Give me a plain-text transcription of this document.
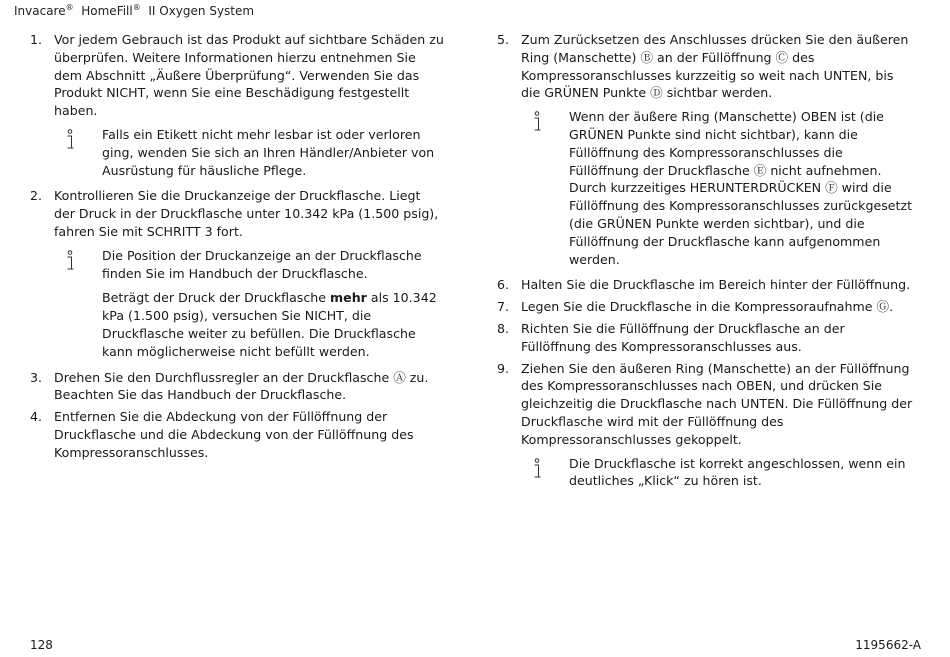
Invacare® HomeFill® II Oxygen System
1. Vor jedem Gebrauch ist das Produkt auf sichtbare Schäden zu überprüfen. Weitere Informationen hierzu entnehmen Sie dem Abschnitt „Äußere Überprüfung“. Verwenden Sie das Produkt NICHT, wenn Sie eine Beschädigung festgestellt haben.

Falls ein Etikett nicht mehr lesbar ist oder verloren ging, wenden Sie sich an Ihren Händler/Anbieter von Ausrüstung für häusliche Pflege.

2. Kontrollieren Sie die Druckanzeige der Druckflasche. Liegt der Druck in der Druckflasche unter 10.342 kPa (1.500 psig), fahren Sie mit SCHRITT 3 fort.

Die Position der Druckanzeige an der Druckflasche finden Sie im Handbuch der Druckflasche.

Beträgt der Druck der Druckflasche mehr als 10.342 kPa (1.500 psig), versuchen Sie NICHT, die Druckflasche weiter zu befüllen. Die Druckflasche kann möglicherweise nicht befüllt werden.

3. Drehen Sie den Durchflussregler an der Druckflasche Ⓐ zu. Beachten Sie das Handbuch der Druckflasche.
4. Entfernen Sie die Abdeckung von der Füllöffnung der Druckflasche und die Abdeckung von der Füllöffnung des Kompressoranschlusses.
5. Zum Zurücksetzen des Anschlusses drücken Sie den äußeren Ring (Manschette) Ⓑ an der Füllöffnung Ⓒ des Kompressoranschlusses kurzzeitig so weit nach UNTEN, bis die GRÜNEN Punkte Ⓓ sichtbar werden.

Wenn der äußere Ring (Manschette) OBEN ist (die GRÜNEN Punkte sind nicht sichtbar), kann die Füllöffnung des Kompressoranschlusses die Füllöffnung der Druckflasche Ⓔ nicht aufnehmen. Durch kurzzeitiges HERUNTERDRÜCKEN Ⓕ wird die Füllöffnung des Kompressoranschlusses zurückgesetzt (die GRÜNEN Punkte werden sichtbar), und die Füllöffnung der Druckflasche kann aufgenommen werden.

6. Halten Sie die Druckflasche im Bereich hinter der Füllöffnung.
7. Legen Sie die Druckflasche in die Kompressoraufnahme Ⓖ.
8. Richten Sie die Füllöffnung der Druckflasche an der Füllöffnung des Kompressoranschlusses aus.
9. Ziehen Sie den äußeren Ring (Manschette) an der Füllöffnung des Kompressoranschlusses nach OBEN, und drücken Sie gleichzeitig die Druckflasche nach UNTEN. Die Füllöffnung der Druckflasche wird mit der Füllöffnung des Kompressoranschlusses gekoppelt.

Die Druckflasche ist korrekt angeschlossen, wenn ein deutliches „Klick“ zu hören ist.

128	1195662-A
